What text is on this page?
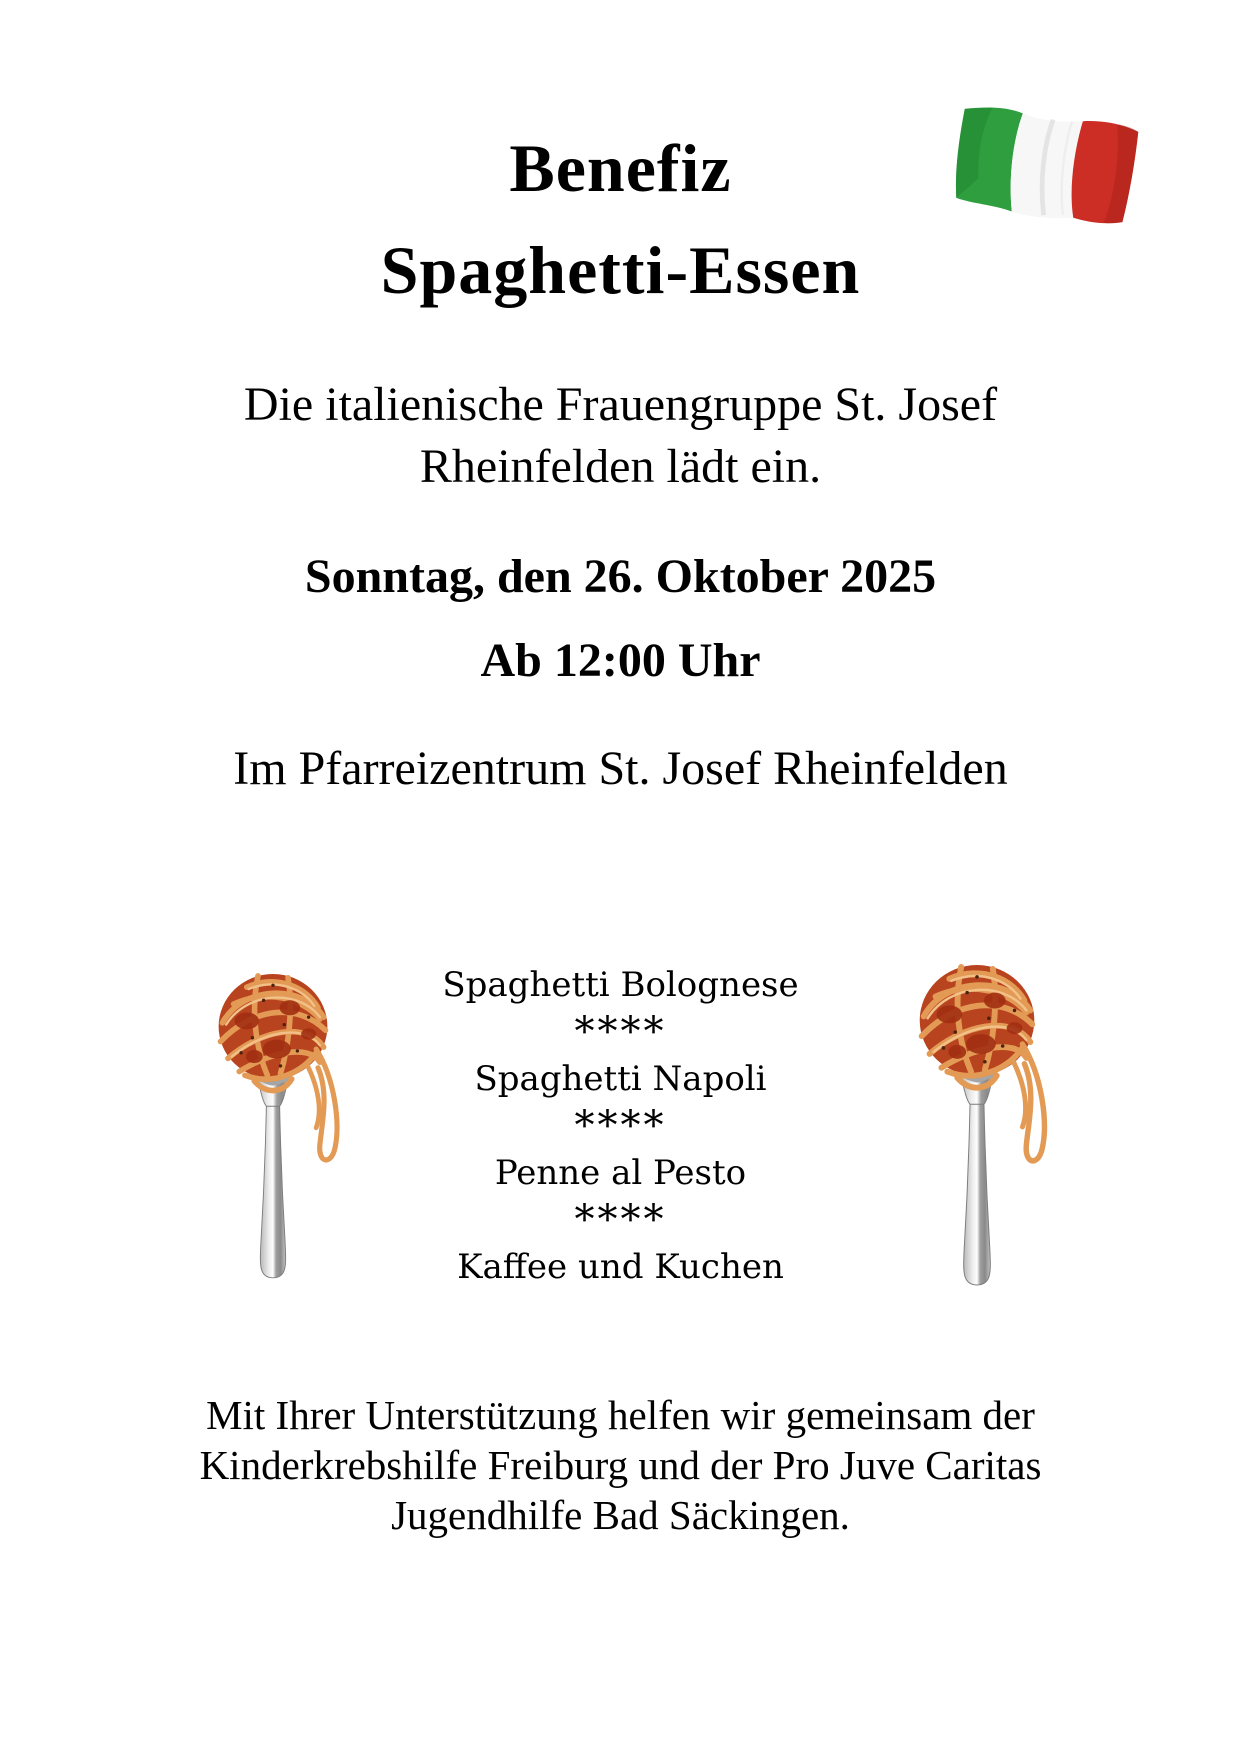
Benefiz
Spaghetti-Essen
Die italienische Frauengruppe St. Josef
Rheinfelden lädt ein.

Sonntag, den 26. Oktober 2025

Ab 12:00 Uhr

Im Pfarreizentrum St. Josef Rheinfelden

Spaghetti Bolognese
****
Spaghetti Napoli
****
Penne al Pesto
****
Kaffee und Kuchen
Mit Ihrer Unterstützung helfen wir gemeinsam der
Kinderkrebshilfe Freiburg und der Pro Juve Caritas
Jugendhilfe Bad Säckingen.
